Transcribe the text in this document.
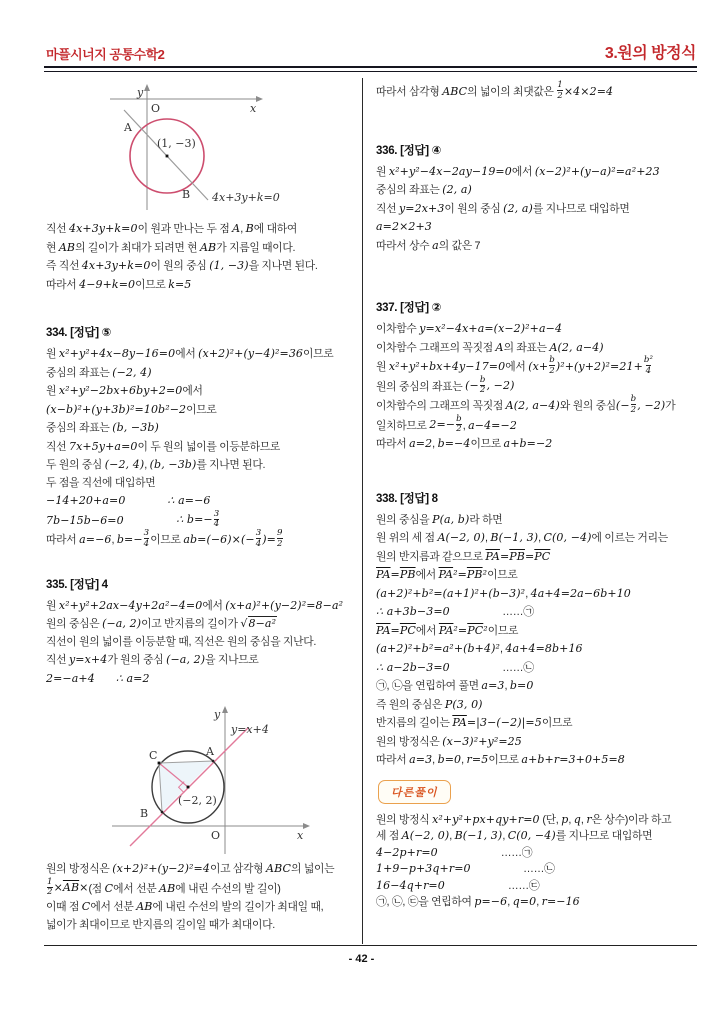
마플시너지 공통수학2	3.원의 방정식
y
x
O
A
B
(1, −3)
4x+3y+k=0
직선 4x+3y+k=0이 원과 만나는 두 점 A, B에 대하여
현 AB의 길이가 최대가 되려면 현 AB가 지름일 때이다.
즉 직선 4x+3y+k=0이 원의 중심 (1, −3)을 지나면 된다.
따라서 4−9+k=0이므로 k=5
334. [정답] ⑤
원 x²+y²+4x−8y−16=0에서 (x+2)²+(y−4)²=36이므로
중심의 좌표는 (−2, 4)
원 x²+y²−2bx+6by+2=0에서
(x−b)²+(y+3b)²=10b²−2이므로
중심의 좌표는 (b, −3b)
직선 7x+5y+a=0이 두 원의 넓이를 이등분하므로
두 원의 중심 (−2, 4), (b, −3b)를 지나면 된다.
두 점을 직선에 대입하면
−14+20+a=0    	∴ a=−6
7b−15b−6=0     	∴ $b=- \frac{3}{4}$
따라서 a=−6, $b=- \frac{3}{4}$ 이므로 $ab=(-6)\times(- \frac{3}{4}$ )= $\frac{9}{2}$
335. [정답] 4
원 x²+y²+2ax−4y+2a²−4=0에서 (x+a)²+(y−2)²=8−a²
원의 중심은 (−a, 2)이고 반지름의 길이가 √8−a²
직선이 원의 넓이를 이등분할 때, 직선은 원의 중심을 지난다.
직선 y=x+4가 원의 중심 (−a, 2)을 지나므로
2=−a+4   ∴ a=2
y
x
O
C	A
B
(−2, 2)
y=x+4
원의 방정식은 (x+2)²+(y−2)²=4이고 삼각형 ABC의 넓이는
$\frac{1}{2} \times\overline{AB}\times$(점 C에서 선분 AB에 내린 수선의 발 길이)
이때 점 C에서 선분 AB에 내린 수선의 발의 길이가 최대일 때,
넓이가 최대이므로 반지름의 길이일 때가 최대이다.
따라서 삼각형 ABC의 넓이의 최댓값은 $\frac{1}{2} \times 4\times 2=4$
336. [정답] ④
원 x²+y²−4x−2ay−19=0에서 (x−2)²+(y−a)²=a²+23
중심의 좌표는 (2, a)
직선 y=2x+3이 원의 중심 (2, a)를 지나므로 대입하면
a=2×2+3
따라서 상수 a의 값은 7
337. [정답] ②
이차함수 y=x²−4x+a=(x−2)²+a−4
이차함수 그래프의 꼭짓점 A의 좌표는 A(2, a−4)
원 x²+y²+bx+4y−17=0에서 $(x+ \frac{b}{2} )^2+(y+2)^2=21+ \frac{\text{b²}}{4}$
원의 중심의 좌표는 (− $\frac{b}{2}$ , −2)
이차함수의 그래프의 꼭짓점 A(2, a−4)와 원의 중심(− $\frac{b}{2}$ , −2)가
일치하므로 $2=- \frac{b}{2}$ , a−4=−2
따라서 a=2, b=−4이므로 a+b=−2
338. [정답] 8
원의 중심을 P(a, b)라 하면
원 위의 세 점 A(−2, 0), B(−1, 3), C(0, −4)에 이르는 거리는
원의 반지름과 같으므로 $\overline{PA}=\overline{PB}=\overline{PC}$
$\overline{PA}=\overline{PB}$에서 $\overline{PA}^2=\overline{PB}^2$이므로
(a+2)²+b²=(a+1)²+(b−3)², 4a+4=2a−6b+10
∴ a+3b−3=0     ……㉠
$\overline{PA}=\overline{PC}$에서 $\overline{PA}^2=\overline{PC}^2$이므로
(a+2)²+b²=a²+(b+4)², 4a+4=8b+16
∴ a−2b−3=0     ……㉡
㉠, ㉡을 연립하여 풀면 a=3, b=0
즉 원의 중심은 P(3, 0)
반지름의 길이는 $\overline{PA}=|3-(-2)|=5$이므로
원의 방정식은 (x−3)²+y²=25
따라서 a=3, b=0, r=5이므로 a+b+r=3+0+5=8
다른풀이
원의 방정식 x²+y²+px+qy+r=0 (단, p, q, r은 상수)이라 하고
세 점 A(−2, 0), B(−1, 3), C(0, −4)를 지나므로 대입하면
4−2p+r=0      ……㉠
1+9−p+3q+r=0     ……㉡
16−4q+r=0      ……㉢
㉠, ㉡, ㉢을 연립하여 p=−6, q=0, r=−16
- 42 -
